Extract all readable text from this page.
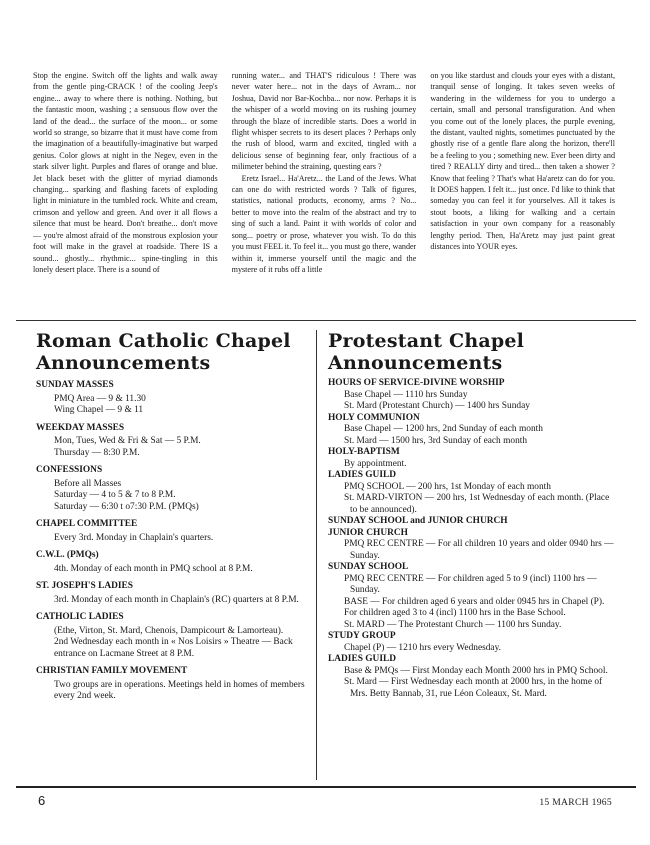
Stop the engine. Switch off the lights and walk away from the gentle ping-CRACK ! of the cooling Jeep's engine... away to where there is nothing. Nothing, but the fantastic moon, washing ; a sensuous flow over the land of the dead... the surface of the moon... or some world so strange, so bizarre that it must have come from the imagination of a beautifully-imaginative but warped genius. Color glows at night in the Negev, even in the stark silver light. Purples and flares of orange and blue. Jet black beset with the glitter of myriad diamonds changing... sparking and flashing facets of exploding light in miniature in the tumbled rock. White and cream, crimson and yellow and green. And over it all flows a silence that must be heard. Don't breathe... don't move — you're almost afraid of the monstrous explosion your foot will make in the gravel at roadside. There IS a sound... ghostly... rhythmic... spine-tingling in this lonely desert place. There is a sound of

running water... and THAT'S ridiculous ! There was never water here... not in the days of Avram... nor Joshua, David nor Bar-Kochba... nor now. Perhaps it is the whisper of a world moving on its rushing journey through the blaze of incredible starts. Does a world in flight whisper secrets to its desert places ? Perhaps only the rush of blood, warm and excited, tingled with a delicious sense of beginning fear, only fractious of a milimeter behind the straining, questing ears ?

Eretz Israel... Ha'Aretz... the Land of the Jews. What can one do with restricted words ? Talk of figures, statistics, national products, economy, arms ? No... better to move into the realm of the abstract and try to sing of such a land. Paint it with worlds of color and song... poetry or prose, whatever you wish. To do this you must FEEL it. To feel it... you must go there, wander within it, immerse yourself until the magic and the mystere of it rubs off a little

on you like stardust and clouds your eyes with a distant, tranquil sense of longing. It takes seven weeks of wandering in the wilderness for you to undergo a certain, small and personal transfiguration. And when you come out of the lonely places, the purple evening, the distant, vaulted nights, sometimes punctuated by the ghostly rise of a gentle flare along the horizon, there'll be a feeling to you ; something new. Ever been dirty and tired ? REALLY dirty and tired... then taken a shower ? Know that feeling ? That's what Ha'aretz can do for you. It DOES happen. I felt it... just once. I'd like to think that someday you can feel it for yourselves. All it takes is stout boots, a liking for walking and a certain satisfaction in your own company for a reasonably lengthy period. Then, Ha'Aretz may just paint great distances into YOUR eyes.

Roman Catholic Chapel
Announcements
SUNDAY MASSES
PMQ Area — 9 & 11.30
Wing Chapel — 9 & 11
WEEKDAY MASSES
Mon, Tues, Wed & Fri & Sat — 5 P.M.
Thursday — 8:30 P.M.
CONFESSIONS
Before all Masses
Saturday — 4 to 5 & 7 to 8 P.M.
Saturday — 6:30 t o7:30 P.M. (PMQs)
CHAPEL COMMITTEE
Every 3rd. Monday in Chaplain's quarters.
C.W.L. (PMQs)
4th. Monday of each month in PMQ school at 8 P.M.
ST. JOSEPH'S LADIES
3rd. Monday of each month in Chaplain's (RC) quarters at 8 P.M.
CATHOLIC LADIES
(Ethe, Virton, St. Mard, Chenois, Dampicourt & Lamorteau).
2nd Wednesday each month in « Nos Loisirs » Theatre — Back entrance on Lacmane Street at 8 P.M.
CHRISTIAN FAMILY MOVEMENT
Two groups are in operations. Meetings held in homes of members every 2nd week.
Protestant Chapel
Announcements
HOURS OF SERVICE-DIVINE WORSHIP
Base Chapel — 1110 hrs Sunday
St. Mard (Protestant Church) — 1400 hrs Sunday
HOLY COMMUNION
Base Chapel — 1200 hrs, 2nd Sunday of each month
St. Mard — 1500 hrs, 3rd Sunday of each month
HOLY-BAPTISM
By appointment.
LADIES GUILD
PMQ SCHOOL — 200 hrs, 1st Monday of each month
St. MARD-VIRTON — 200 hrs, 1st Wednesday of each month. (Place to be announced).
SUNDAY SCHOOL and JUNIOR CHURCH
JUNIOR CHURCH
PMQ REC CENTRE — For all children 10 years and older 0940 hrs — Sunday.
SUNDAY SCHOOL
PMQ REC CENTRE — For children aged 5 to 9 (incl) 1100 hrs — Sunday.
BASE — For children aged 6 years and older 0945 hrs in Chapel (P).
For children aged 3 to 4 (incl) 1100 hrs in the Base School.
St. MARD — The Protestant Church — 1100 hrs Sunday.
STUDY GROUP
Chapel (P) — 1210 hrs every Wednesday.
LADIES GUILD
Base & PMQs — First Monday each Month 2000 hrs in PMQ School.
St. Mard — First Wednesday each month at 2000 hrs, in the home of Mrs. Betty Bannab, 31, rue Léon Coleaux, St. Mard.
6	15 MARCH 1965
